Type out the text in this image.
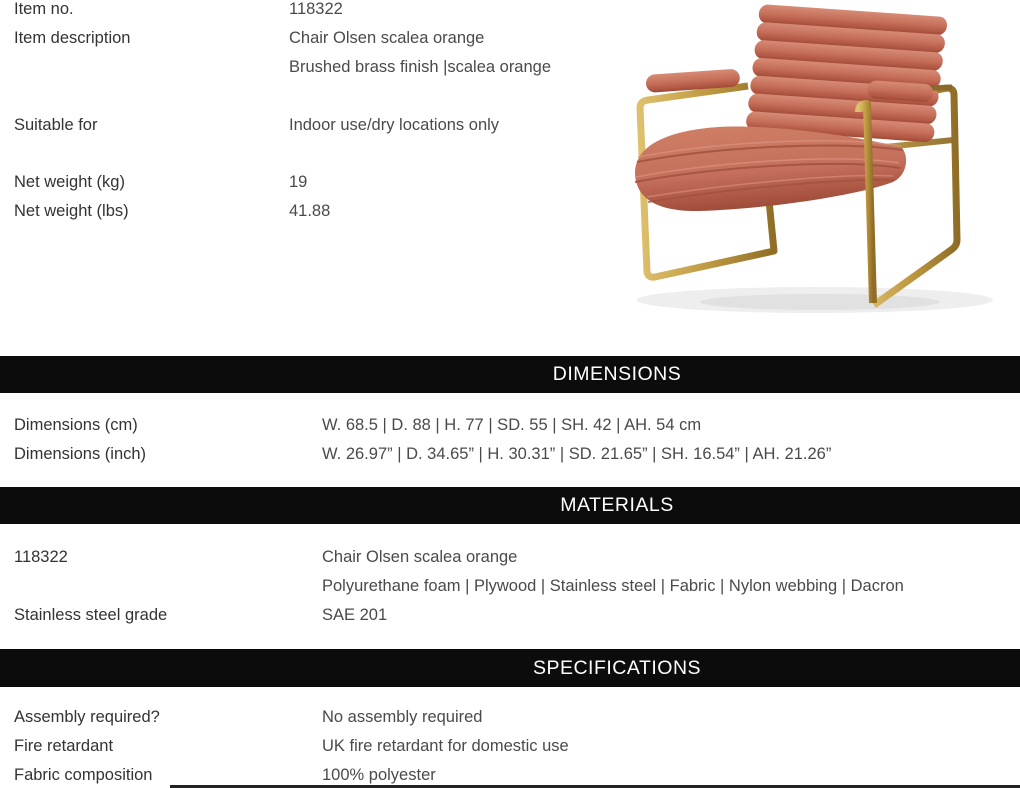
Item no.	118322
Item description	Chair Olsen scalea orange
Brushed brass finish |scalea orange
Suitable for	Indoor use/dry locations only
Net weight (kg)	19
Net weight (lbs)	41.88
DIMENSIONS
Dimensions (cm)	W. 68.5 | D. 88 | H. 77 | SD. 55 | SH. 42 | AH. 54 cm
Dimensions (inch)	W. 26.97” | D. 34.65” | H. 30.31” | SD. 21.65” | SH. 16.54” | AH. 21.26”
MATERIALS
118322	Chair Olsen scalea orange
Polyurethane foam | Plywood | Stainless steel | Fabric | Nylon webbing | Dacron
Stainless steel grade	SAE 201
SPECIFICATIONS
Assembly required?	No assembly required
Fire retardant	UK fire retardant for domestic use
Fabric composition	100% polyester
